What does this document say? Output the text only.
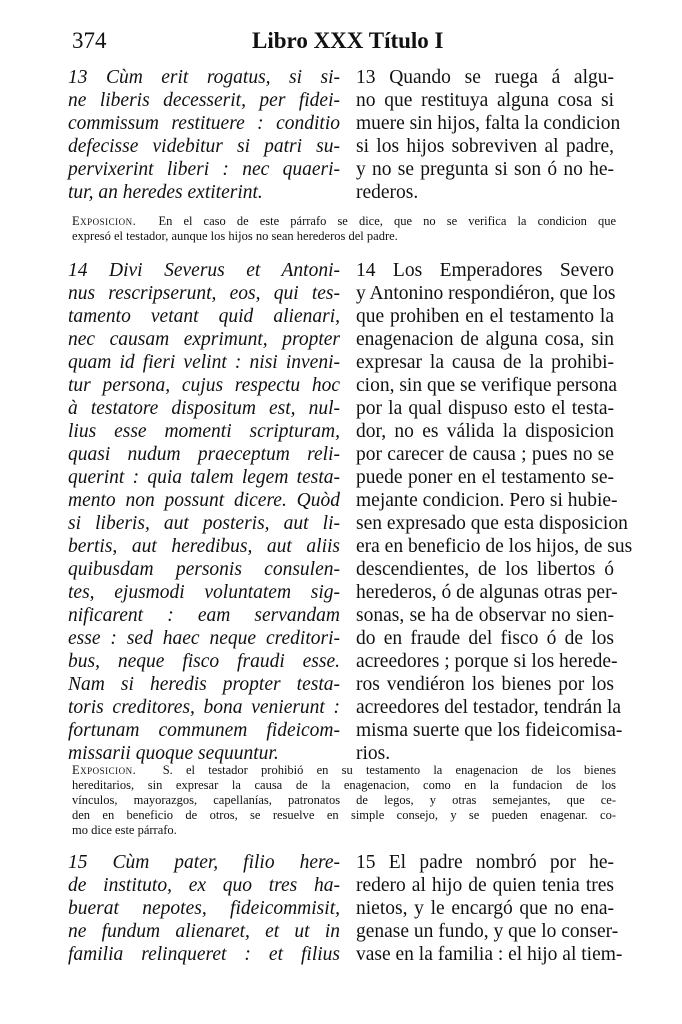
374	Libro XXX Título I
13 Cùm erit rogatus, si si-
ne liberis decesserit, per fidei-
commissum restituere : conditio
defecisse videbitur si patri su-
pervixerint liberi : nec quaeri-
tur, an heredes extiterint.
13 Quando se ruega á algu-
no que restituya alguna cosa si
muere sin hijos, falta la condicion
si los hijos sobreviven al padre,
y no se pregunta si son ó no he-
rederos.
Exposicion. En el caso de este párrafo se dice, que no se verifica la condicion que
expresó el testador, aunque los hijos no sean herederos del padre.
14 Divi Severus et Antoni-
nus rescripserunt, eos, qui tes-
tamento vetant quid alienari,
nec causam exprimunt, propter
quam id fieri velint : nisi inveni-
tur persona, cujus respectu hoc
à testatore dispositum est, nul-
lius esse momenti scripturam,
quasi nudum praeceptum reli-
querint : quia talem legem testa-
mento non possunt dicere. Quòd
si liberis, aut posteris, aut li-
bertis, aut heredibus, aut aliis
quibusdam personis consulen-
tes, ejusmodi voluntatem sig-
nificarent : eam servandam
esse : sed haec neque creditori-
bus, neque fisco fraudi esse.
Nam si heredis propter testa-
toris creditores, bona venierunt :
fortunam communem fideicom-
missarii quoque sequuntur.
14 Los Emperadores Severo
y Antonino respondiéron, que los
que prohiben en el testamento la
enagenacion de alguna cosa, sin
expresar la causa de la prohibi-
cion, sin que se verifique persona
por la qual dispuso esto el testa-
dor, no es válida la disposicion
por carecer de causa ; pues no se
puede poner en el testamento se-
mejante condicion. Pero si hubie-
sen expresado que esta disposicion
era en beneficio de los hijos, de sus
descendientes, de los libertos ó
herederos, ó de algunas otras per-
sonas, se ha de observar no sien-
do en fraude del fisco ó de los
acreedores ; porque si los herede-
ros vendiéron los bienes por los
acreedores del testador, tendrán la
misma suerte que los fideicomisa-
rios.
Exposicion. S. el testador prohibió en su testamento la enagenacion de los bienes
hereditarios, sin expresar la causa de la enagenacion, como en la fundacion de los
vínculos, mayorazgos, capellanías, patronatos de legos, y otras semejantes, que ce-
den en beneficio de otros, se resuelve en simple consejo, y se pueden enagenar. co-
mo dice este párrafo.
15 Cùm pater, filio here-
de instituto, ex quo tres ha-
buerat nepotes, fideicommisit,
ne fundum alienaret, et ut in
familia relinqueret : et filius
15 El padre nombró por he-
redero al hijo de quien tenia tres
nietos, y le encargó que no ena-
genase un fundo, y que lo conser-
vase en la familia : el hijo al tiem-
